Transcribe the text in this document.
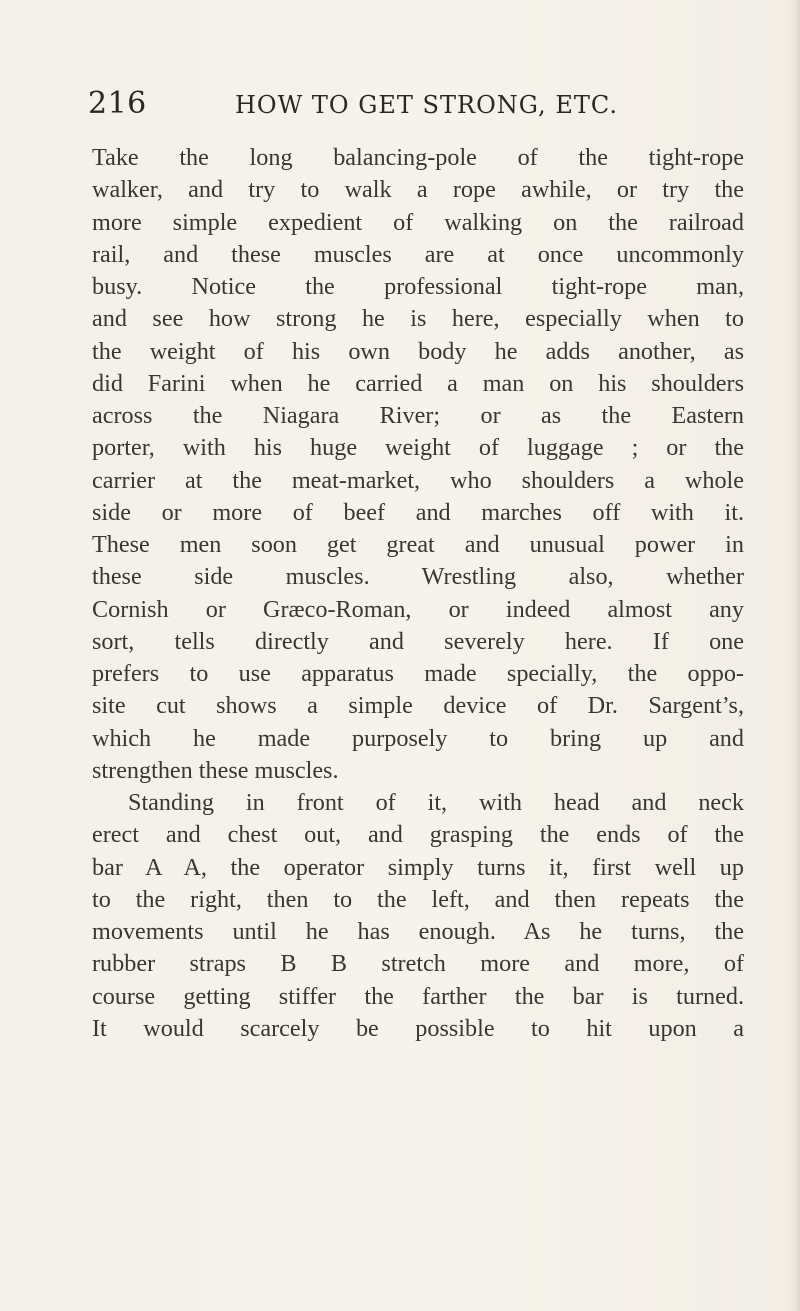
216	HOW TO GET STRONG, ETC.
Take the long balancing-pole of the tight-rope
walker, and try to walk a rope awhile, or try the
more simple expedient of walking on the railroad
rail, and these muscles are at once uncommonly
busy. Notice the professional tight-rope man,
and see how strong he is here, especially when to
the weight of his own body he adds another, as
did Farini when he carried a man on his shoulders
across the Niagara River; or as the Eastern
porter, with his huge weight of luggage ; or the
carrier at the meat-market, who shoulders a whole
side or more of beef and marches off with it.
These men soon get great and unusual power in
these side muscles. Wrestling also, whether
Cornish or Græco-Roman, or indeed almost any
sort, tells directly and severely here. If one
prefers to use apparatus made specially, the oppo-
site cut shows a simple device of Dr. Sargent’s,
which he made purposely to bring up and
strengthen these muscles.
Standing in front of it, with head and neck
erect and chest out, and grasping the ends of the
bar A A, the operator simply turns it, first well up
to the right, then to the left, and then repeats the
movements until he has enough. As he turns, the
rubber straps B B stretch more and more, of
course getting stiffer the farther the bar is turned.
It would scarcely be possible to hit upon a
